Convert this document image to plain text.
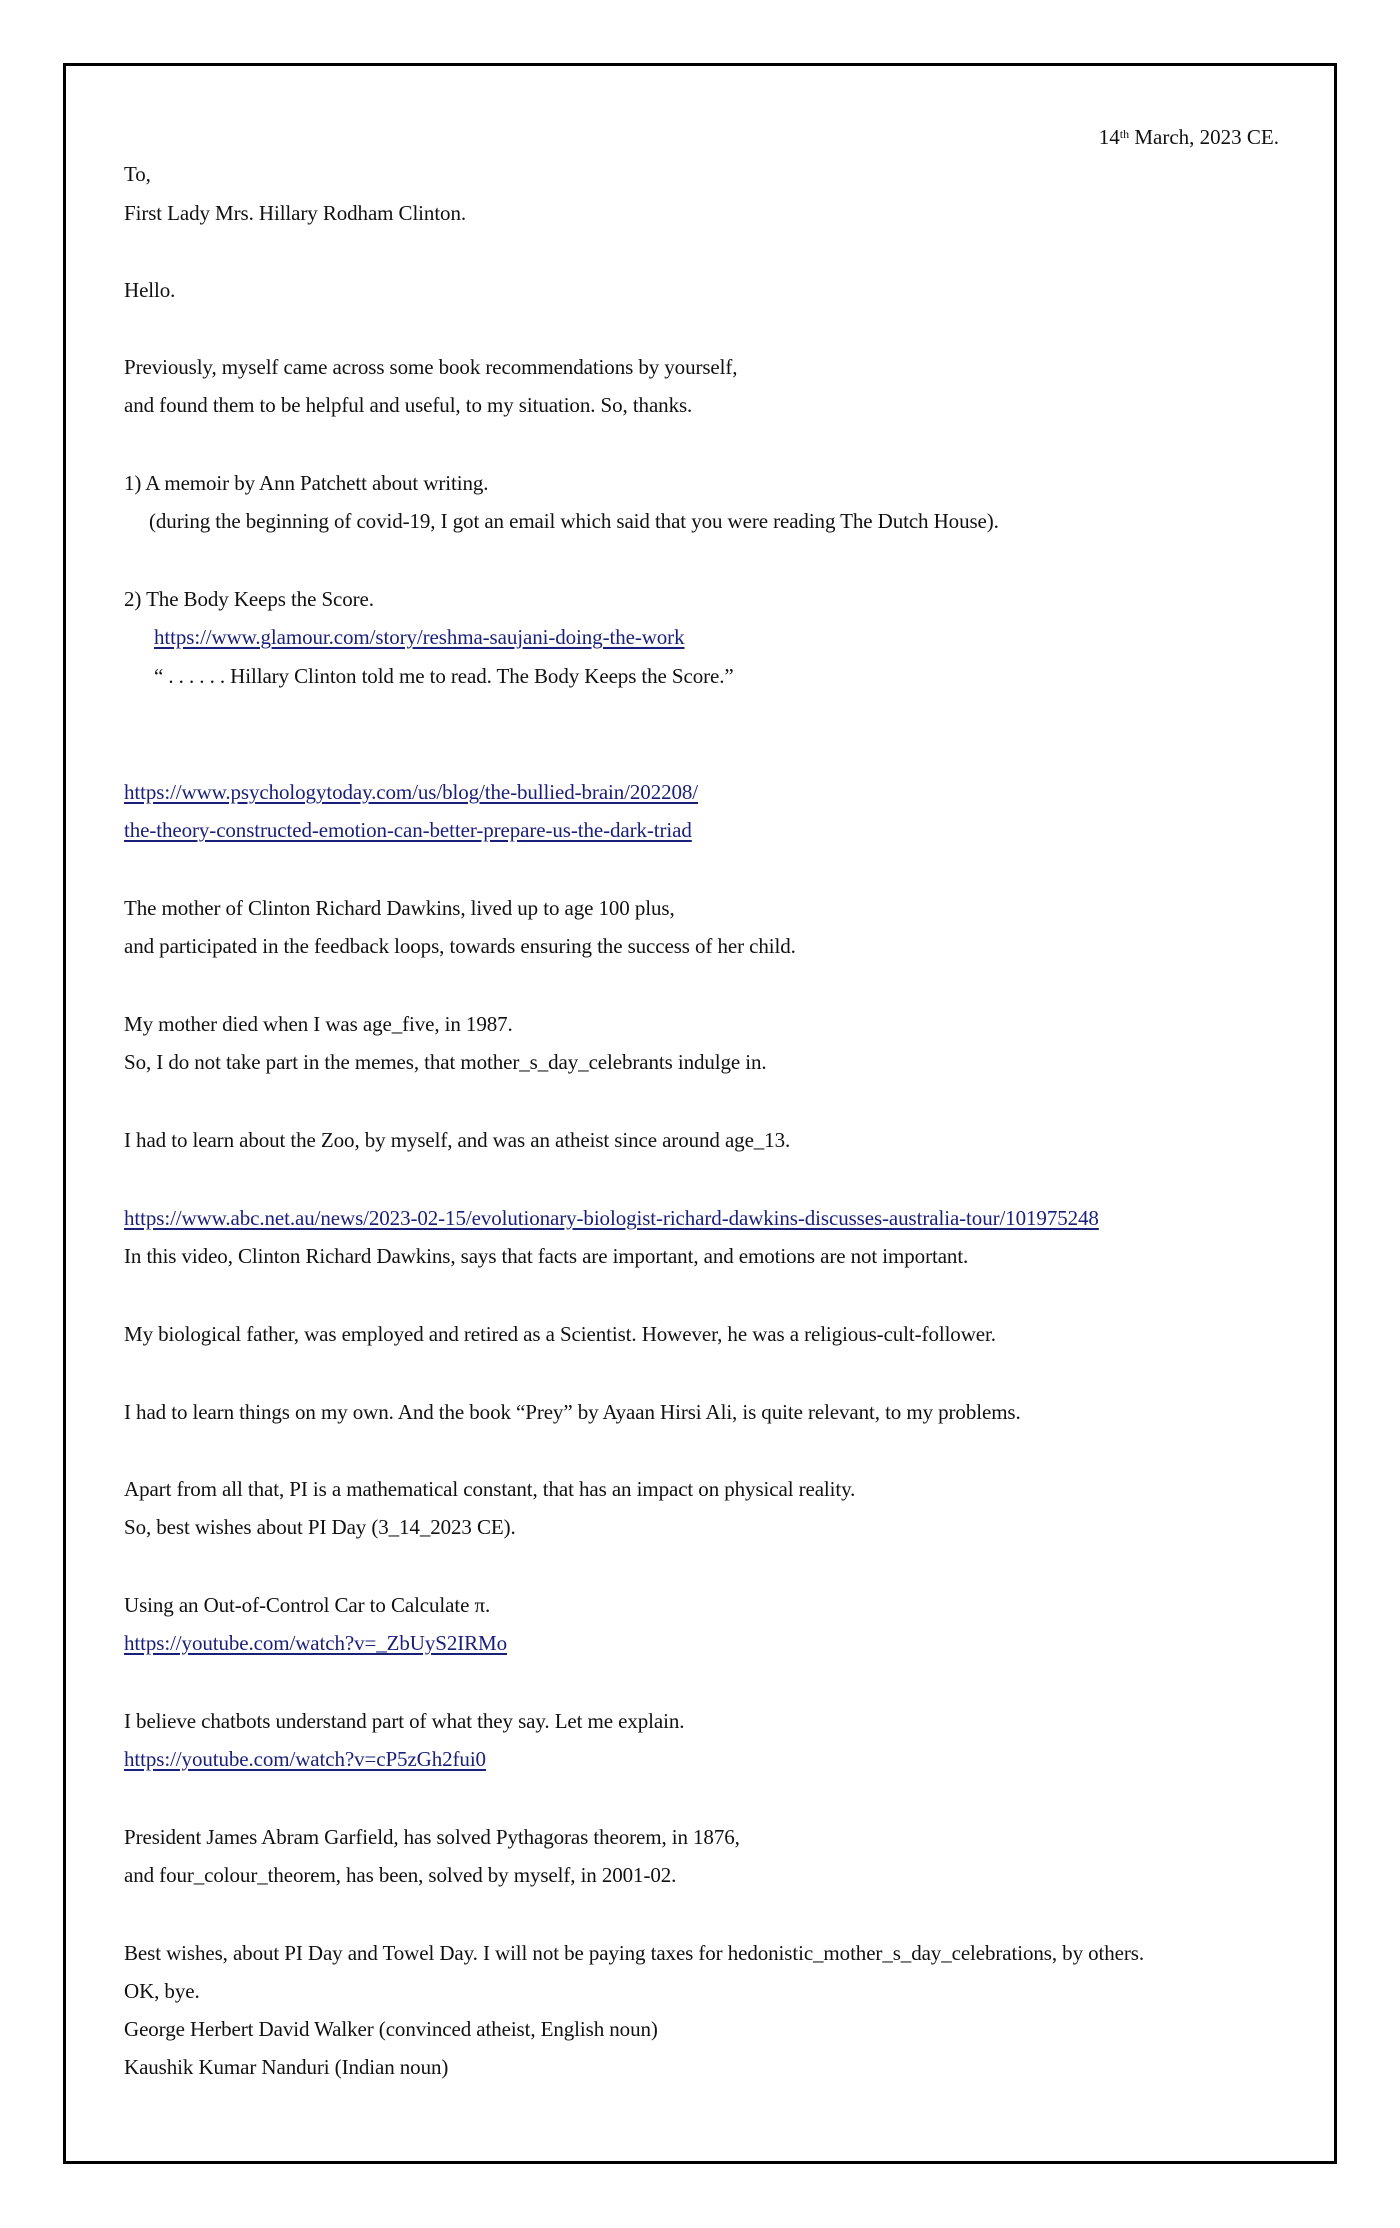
14th March, 2023 CE.
To,
First Lady Mrs. Hillary Rodham Clinton.
Hello.
Previously, myself came across some book recommendations by yourself,
and found them to be helpful and useful, to my situation. So, thanks.
1) A memoir by Ann Patchett about writing.
(during the beginning of covid-19, I got an email which said that you were reading The Dutch House).
2) The Body Keeps the Score.
https://www.glamour.com/story/reshma-saujani-doing-the-work
“ . . . . . . Hillary Clinton told me to read. The Body Keeps the Score.”
https://www.psychologytoday.com/us/blog/the-bullied-brain/202208/
the-theory-constructed-emotion-can-better-prepare-us-the-dark-triad
The mother of Clinton Richard Dawkins, lived up to age 100 plus,
and participated in the feedback loops, towards ensuring the success of her child.
My mother died when I was age_five, in 1987.
So, I do not take part in the memes, that mother_s_day_celebrants indulge in.
I had to learn about the Zoo, by myself, and was an atheist since around age_13.
https://www.abc.net.au/news/2023-02-15/evolutionary-biologist-richard-dawkins-discusses-australia-tour/101975248
In this video, Clinton Richard Dawkins, says that facts are important, and emotions are not important.
My biological father, was employed and retired as a Scientist. However, he was a religious-cult-follower.
I had to learn things on my own. And the book “Prey” by Ayaan Hirsi Ali, is quite relevant, to my problems.
Apart from all that, PI is a mathematical constant, that has an impact on physical reality.
So, best wishes about PI Day (3_14_2023 CE).
Using an Out-of-Control Car to Calculate π.
https://youtube.com/watch?v=_ZbUyS2IRMo
I believe chatbots understand part of what they say. Let me explain.
https://youtube.com/watch?v=cP5zGh2fui0
President James Abram Garfield, has solved Pythagoras theorem, in 1876,
and four_colour_theorem, has been, solved by myself, in 2001-02.
Best wishes, about PI Day and Towel Day. I will not be paying taxes for hedonistic_mother_s_day_celebrations, by others.
OK, bye.
George Herbert David Walker (convinced atheist, English noun)
Kaushik Kumar Nanduri (Indian noun)
